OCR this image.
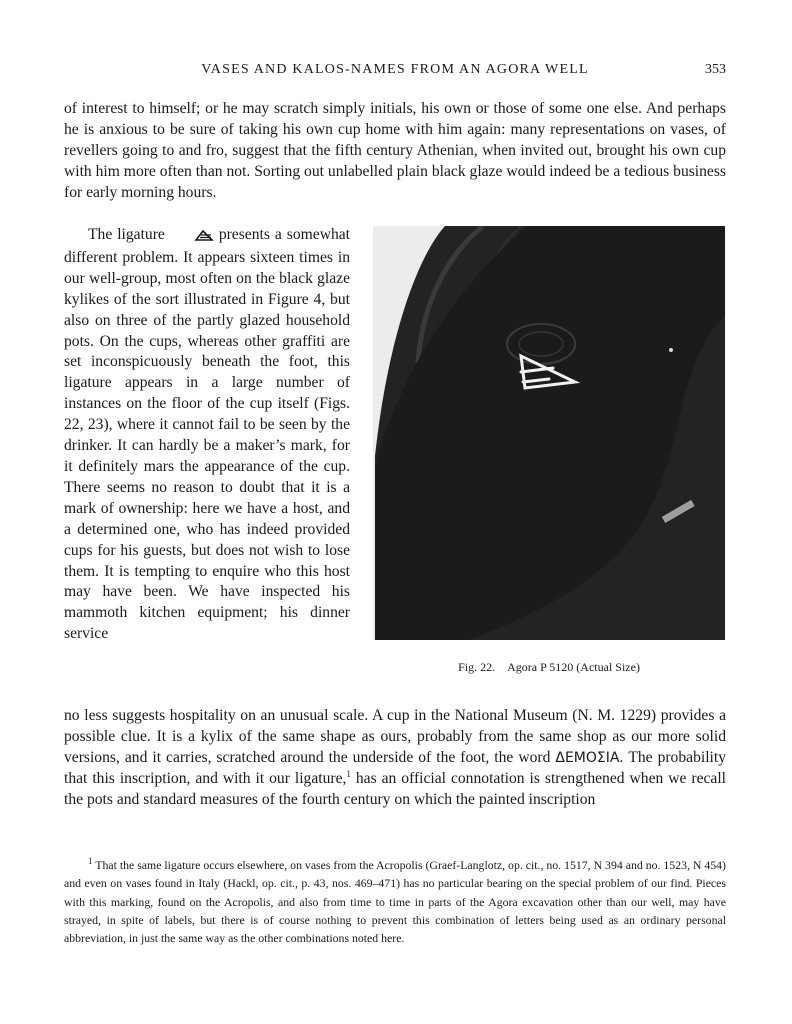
VASES AND KALOS-NAMES FROM AN AGORA WELL	353

of interest to himself; or he may scratch simply initials, his own or those of some one else. And perhaps he is anxious to be sure of taking his own cup home with him again: many representations on vases, of revellers going to and fro, suggest that the fifth century Athenian, when invited out, brought his own cup with him more often than not. Sorting out unlabelled plain black glaze would indeed be a tedious business for early morning hours.

The ligature	presents a somewhat different problem. It appears sixteen times in our well-group, most often on the black glaze kylikes of the sort illustrated in Figure 4, but also on three of the partly glazed household pots. On the cups, whereas other graffiti are set inconspicuously beneath the foot, this ligature appears in a large number of instances on the floor of the cup itself (Figs. 22, 23), where it cannot fail to be seen by the drinker. It can hardly be a maker’s mark, for it definitely mars the appearance of the cup. There seems no reason to doubt that it is a mark of ownership: here we have a host, and a determined one, who has indeed provided cups for his guests, but does not wish to lose them. It is tempting to enquire who this host may have been. We have inspected his mammoth kitchen equipment; his dinner service

Fig. 22. Agora P 5120 (Actual Size)

no less suggests hospitality on an unusual scale. A cup in the National Museum (N. M. 1229) provides a possible clue. It is a kylix of the same shape as ours, probably from the same shop as our more solid versions, and it carries, scratched around the underside of the foot, the word ΔΕΜΟΣΙΑ. The probability that this inscription, and with it our ligature,$^1$ has an official connotation is strengthened when we recall the pots and standard measures of the fourth century on which the painted inscription

$^1$ That the same ligature occurs elsewhere, on vases from the Acropolis (Graef-Langlotz, op. cit., no. 1517, N 394 and no. 1523, N 454) and even on vases found in Italy (Hackl, op. cit., p. 43, nos. 469–471) has no particular bearing on the special problem of our find. Pieces with this marking, found on the Acropolis, and also from time to time in parts of the Agora excavation other than our well, may have strayed, in spite of labels, but there is of course nothing to prevent this combination of letters being used as an ordinary personal abbreviation, in just the same way as the other combinations noted here.
